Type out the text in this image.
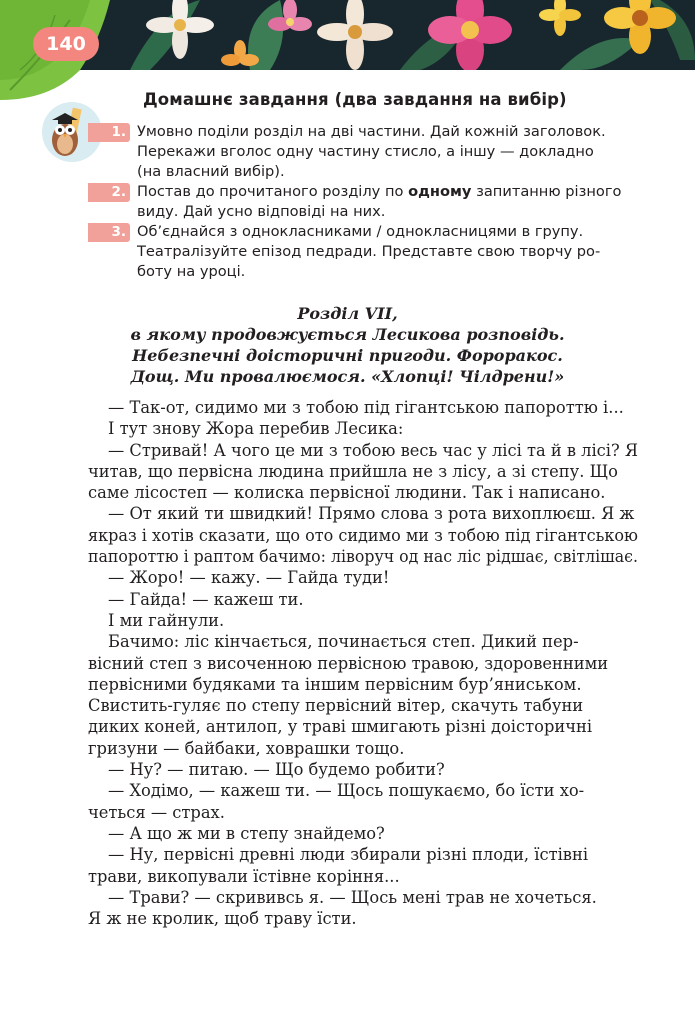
140
Домашнє завдання (два завдання на вибір)
1. Умовно поділи розділ на дві частини. Дай кожній заголовок.
Перекажи вголос одну частину стисло, а іншу — докладно
(на власний вибір).
2. Постав до прочитаного розділу по одному запитанню різного
виду. Дай усно відповіді на них.
3. Об’єднайся з однокласниками / однокласницями в групу.
Театралізуйте епізод педради. Представте свою творчу ро-
боту на уроці.
Розділ VII,
в якому продовжується Лесикова розповідь.
Небезпечні доісторичні пригоди. Фороракос.
Дощ. Ми провалюємося. «Хлопці! Чілдрени!»
— Так-от, сидимо ми з тобою під гігантською папороттю і...
І тут знову Жора перебив Лесика:
— Стривай! А чого це ми з тобою весь час у лісі та й в лісі? Я
читав, що первісна людина прийшла не з лісу, а зі степу. Що
саме лісостеп — колиска первісної людини. Так і написано.
— От який ти швидкий! Прямо слова з рота вихоплюєш. Я ж
якраз і хотів сказати, що ото сидимо ми з тобою під гігантською
папороттю і раптом бачимо: ліворуч од нас ліс рідшає, світлішає.
— Жоро! — кажу. — Гайда туди!
— Гайда! — кажеш ти.
І ми гайнули.
Бачимо: ліс кінчається, починається степ. Дикий пер-
вісний степ з височенною первісною травою, здоровенними
первісними будяками та іншим первісним бур’яниськом.
Свистить-гуляє по степу первісний вітер, скачуть табуни
диких коней, антилоп, у траві шмигають різні доісторичні
гризуни — байбаки, ховрашки тощо.
— Ну? — питаю. — Що будемо робити?
— Ходімо, — кажеш ти. — Щось пошукаємо, бо їсти хо-
четься — страх.
— А що ж ми в степу знайдемо?
— Ну, первісні древні люди збирали різні плоди, їстівні
трави, викопували їстівне коріння...
— Трави? — скрививсь я. — Щось мені трав не хочеться.
Я ж не кролик, щоб траву їсти.
